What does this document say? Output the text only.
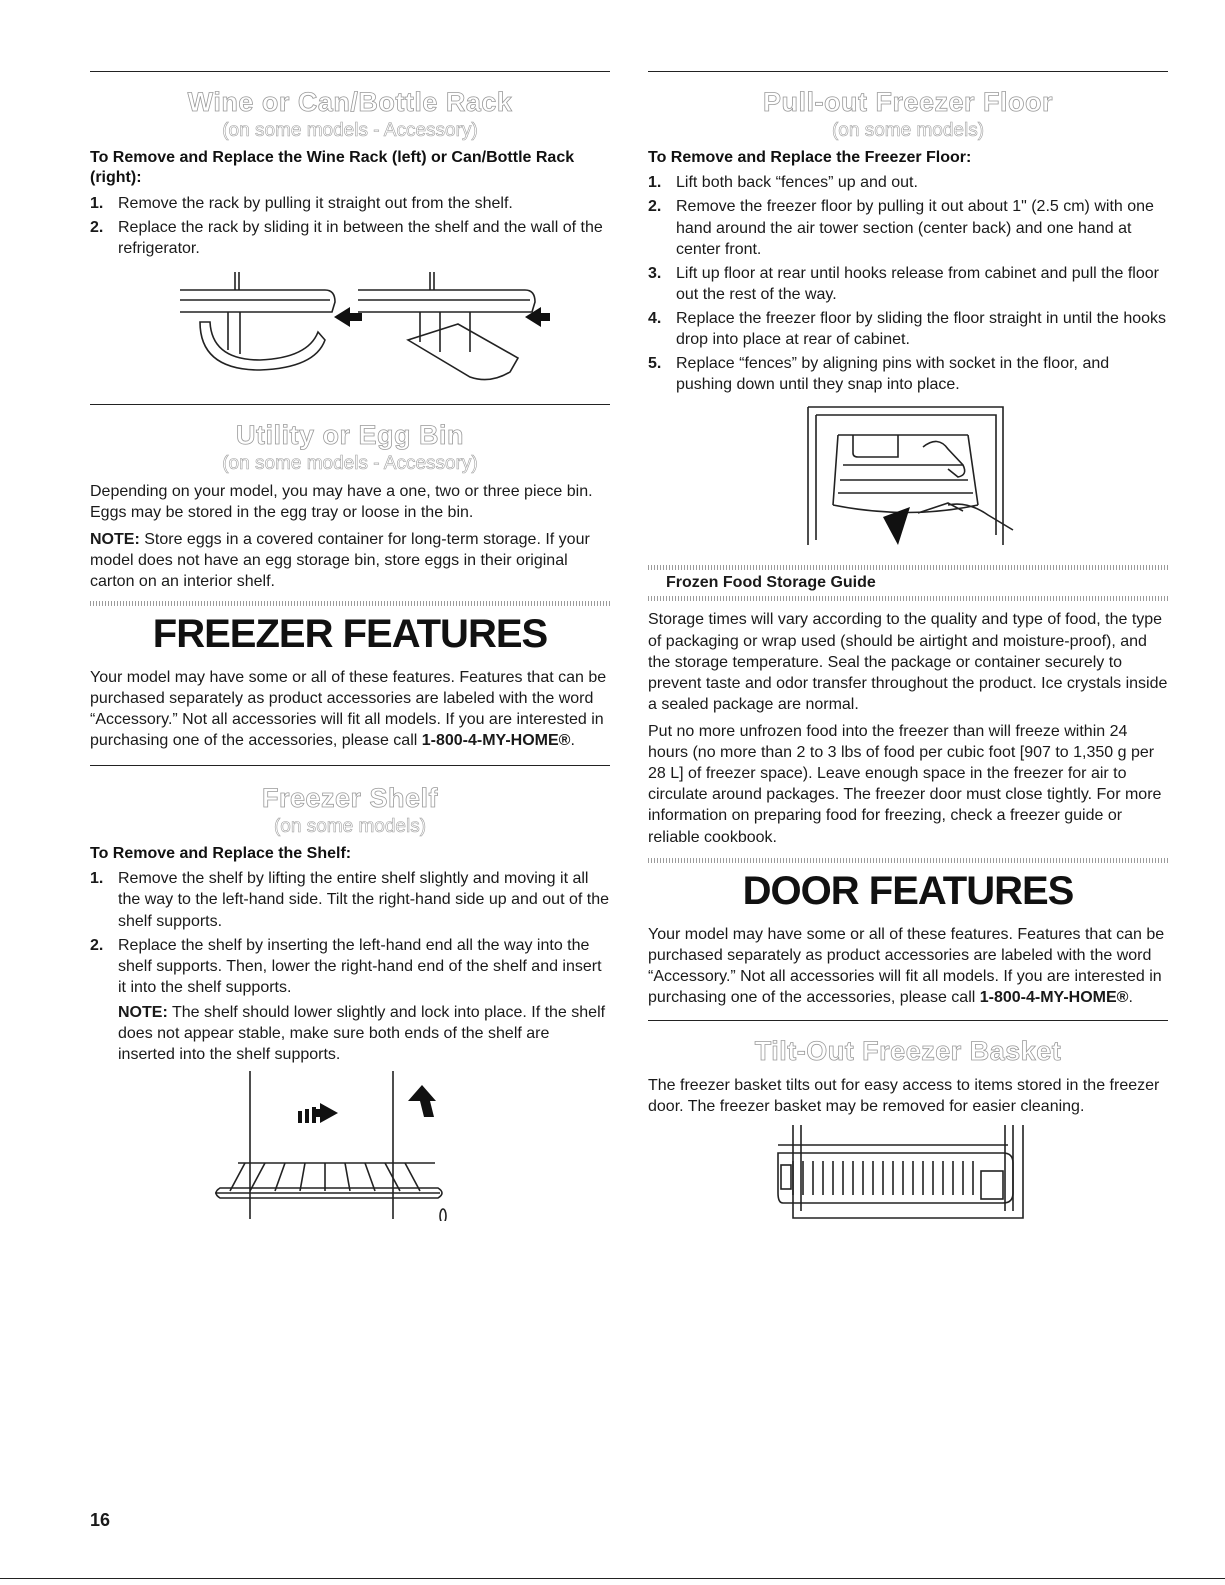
Wine or Can/Bottle Rack
(on some models - Accessory)
To Remove and Replace the Wine Rack (left) or Can/Bottle Rack (right):
1. Remove the rack by pulling it straight out from the shelf.
2. Replace the rack by sliding it in between the shelf and the wall of the refrigerator.
Utility or Egg Bin
(on some models - Accessory)

Depending on your model, you may have a one, two or three piece bin. Eggs may be stored in the egg tray or loose in the bin.

NOTE: Store eggs in a covered container for long-term storage. If your model does not have an egg storage bin, store eggs in their original carton on an interior shelf.

FREEZER FEATURES

Your model may have some or all of these features. Features that can be purchased separately as product accessories are labeled with the word “Accessory.” Not all accessories will fit all models. If you are interested in purchasing one of the accessories, please call 1-800-4-MY-HOME®.

Freezer Shelf
(on some models)
To Remove and Replace the Shelf:
1. Remove the shelf by lifting the entire shelf slightly and moving it all the way to the left-hand side. Tilt the right-hand side up and out of the shelf supports.
2. Replace the shelf by inserting the left-hand end all the way into the shelf supports. Then, lower the right-hand end of the shelf and insert it into the shelf supports.
NOTE: The shelf should lower slightly and lock into place. If the shelf does not appear stable, make sure both ends of the shelf are inserted into the shelf supports.
Pull-out Freezer Floor
(on some models)
To Remove and Replace the Freezer Floor:
1. Lift both back “fences” up and out.
2. Remove the freezer floor by pulling it out about 1" (2.5 cm) with one hand around the air tower section (center back) and one hand at center front.
3. Lift up floor at rear until hooks release from cabinet and pull the floor out the rest of the way.
4. Replace the freezer floor by sliding the floor straight in until the hooks drop into place at rear of cabinet.
5. Replace “fences” by aligning pins with socket in the floor, and pushing down until they snap into place.
Frozen Food Storage Guide

Storage times will vary according to the quality and type of food, the type of packaging or wrap used (should be airtight and moisture-proof), and the storage temperature. Seal the package or container securely to prevent taste and odor transfer throughout the product. Ice crystals inside a sealed package are normal.

Put no more unfrozen food into the freezer than will freeze within 24 hours (no more than 2 to 3 lbs of food per cubic foot [907 to 1,350 g per 28 L] of freezer space). Leave enough space in the freezer for air to circulate around packages. The freezer door must close tightly. For more information on preparing food for freezing, check a freezer guide or reliable cookbook.

DOOR FEATURES

Your model may have some or all of these features. Features that can be purchased separately as product accessories are labeled with the word “Accessory.” Not all accessories will fit all models. If you are interested in purchasing one of the accessories, please call 1-800-4-MY-HOME®.

Tilt-Out Freezer Basket

The freezer basket tilts out for easy access to items stored in the freezer door. The freezer basket may be removed for easier cleaning.

16
